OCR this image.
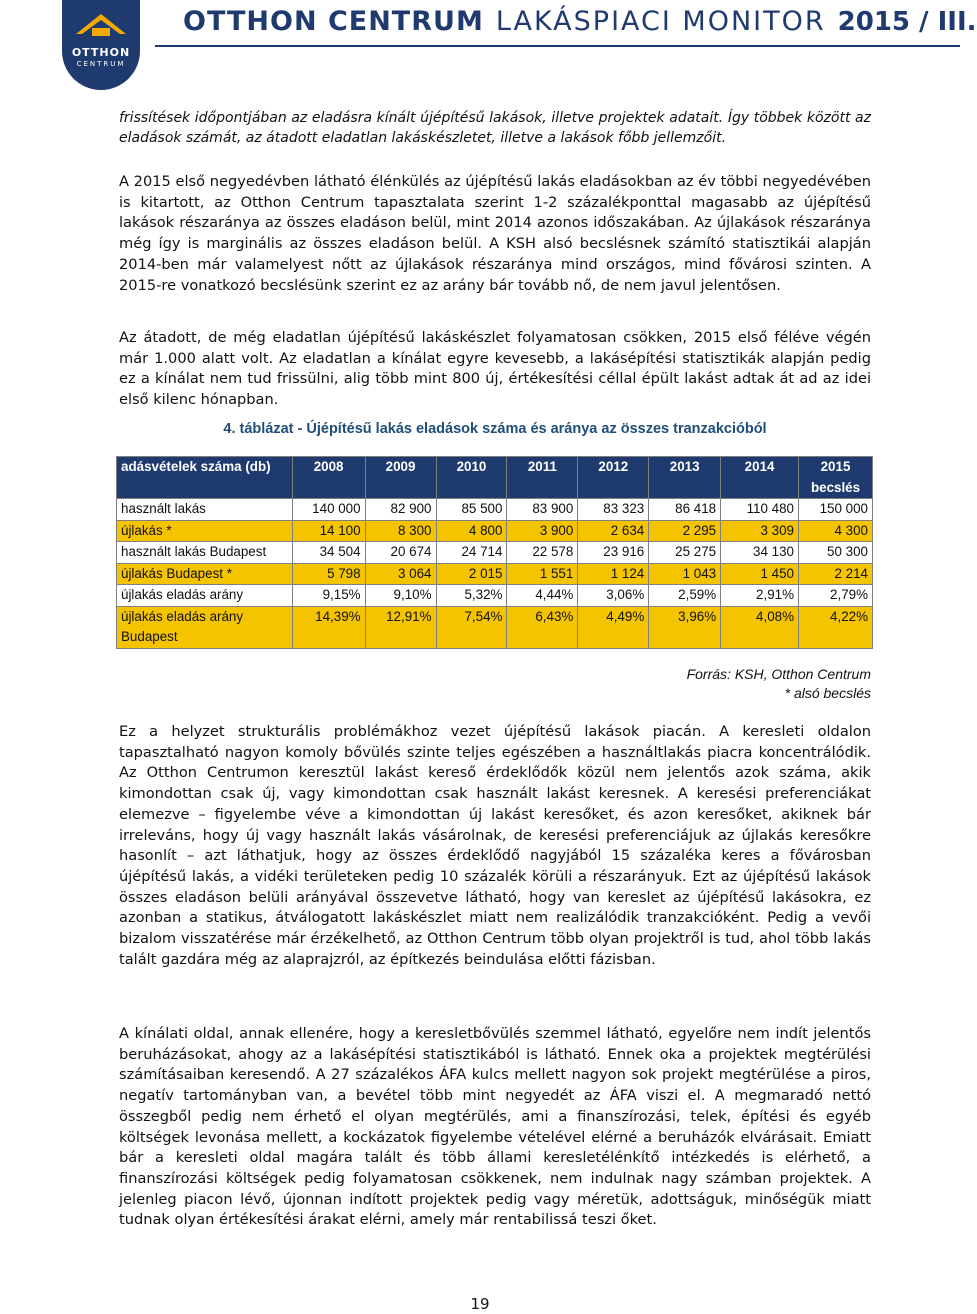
OTTHON
CENTRUM
OTTHON CENTRUM LAKÁSPIACI MONITOR 2015 / III.
frissítések időpontjában az eladásra kínált újépítésű lakások, illetve projektek adatait. Így többek között az eladások számát, az átadott eladatlan lakáskészletet, illetve a lakások főbb jellemzőit.
A 2015 első negyedévben látható élénkülés az újépítésű lakás eladásokban az év többi negyedévében is kitartott, az Otthon Centrum tapasztalata szerint 1-2 százalékponttal magasabb az újépítésű lakások részaránya az összes eladáson belül, mint 2014 azonos időszakában. Az újlakások részaránya még így is marginális az összes eladáson belül. A KSH alsó becslésnek számító statisztikái alapján 2014-ben már valamelyest nőtt az újlakások részaránya mind országos, mind fővárosi szinten. A 2015-re vonatkozó becslésünk szerint ez az arány bár tovább nő, de nem javul jelentősen.
Az átadott, de még eladatlan újépítésű lakáskészlet folyamatosan csökken, 2015 első féléve végén már 1.000 alatt volt. Az eladatlan a kínálat egyre kevesebb, a lakásépítési statisztikák alapján pedig ez a kínálat nem tud frissülni, alig több mint 800 új, értékesítési céllal épült lakást adtak át ad az idei első kilenc hónapban.
4. táblázat - Újépítésű lakás eladások száma és aránya az összes tranzakcióból
adásvételek száma (db)	2008	2009	2010	2011	2012	2013	2014	2015 becslés
használt lakás	140 000	82 900	85 500	83 900	83 323	86 418	110 480	150 000
újlakás *	14 100	8 300	4 800	3 900	2 634	2 295	3 309	4 300
használt lakás Budapest	34 504	20 674	24 714	22 578	23 916	25 275	34 130	50 300
újlakás Budapest *	5 798	3 064	2 015	1 551	1 124	1 043	1 450	2 214
újlakás eladás arány	9,15%	9,10%	5,32%	4,44%	3,06%	2,59%	2,91%	2,79%
újlakás eladás arány Budapest	14,39%	12,91%	7,54%	6,43%	4,49%	3,96%	4,08%	4,22%
Forrás: KSH, Otthon Centrum
* alsó becslés
Ez a helyzet strukturális problémákhoz vezet újépítésű lakások piacán. A keresleti oldalon tapasztalható nagyon komoly bővülés szinte teljes egészében a használtlakás piacra koncentrálódik. Az Otthon Centrumon keresztül lakást kereső érdeklődők közül nem jelentős azok száma, akik kimondottan csak új, vagy kimondottan csak használt lakást keresnek. A keresési preferenciákat elemezve – figyelembe véve a kimondottan új lakást keresőket, és azon keresőket, akiknek bár irreleváns, hogy új vagy használt lakás vásárolnak, de keresési preferenciájuk az újlakás keresőkre hasonlít – azt láthatjuk, hogy az összes érdeklődő nagyjából 15 százaléka keres a fővárosban újépítésű lakás, a vidéki területeken pedig 10 százalék körüli a részarányuk. Ezt az újépítésű lakások összes eladáson belüli arányával összevetve látható, hogy van kereslet az újépítésű lakásokra, ez azonban a statikus, átválogatott lakáskészlet miatt nem realizálódik tranzakcióként. Pedig a vevői bizalom visszatérése már érzékelhető, az Otthon Centrum több olyan projektről is tud, ahol több lakás talált gazdára még az alaprajzról, az építkezés beindulása előtti fázisban.
A kínálati oldal, annak ellenére, hogy a keresletbővülés szemmel látható, egyelőre nem indít jelentős beruházásokat, ahogy az a lakásépítési statisztikából is látható. Ennek oka a projektek megtérülési számításaiban keresendő. A 27 százalékos ÁFA kulcs mellett nagyon sok projekt megtérülése a piros, negatív tartományban van, a bevétel több mint negyedét az ÁFA viszi el. A megmaradó nettó összegből pedig nem érhető el olyan megtérülés, ami a finanszírozási, telek, építési és egyéb költségek levonása mellett, a kockázatok figyelembe vételével elérné a beruházók elvárásait. Emiatt bár a keresleti oldal magára talált és több állami keresletélénkítő intézkedés is elérhető, a finanszírozási költségek pedig folyamatosan csökkenek, nem indulnak nagy számban projektek. A jelenleg piacon lévő, újonnan indított projektek pedig vagy méretük, adottságuk, minőségük miatt tudnak olyan értékesítési árakat elérni, amely már rentabilissá teszi őket.
19
